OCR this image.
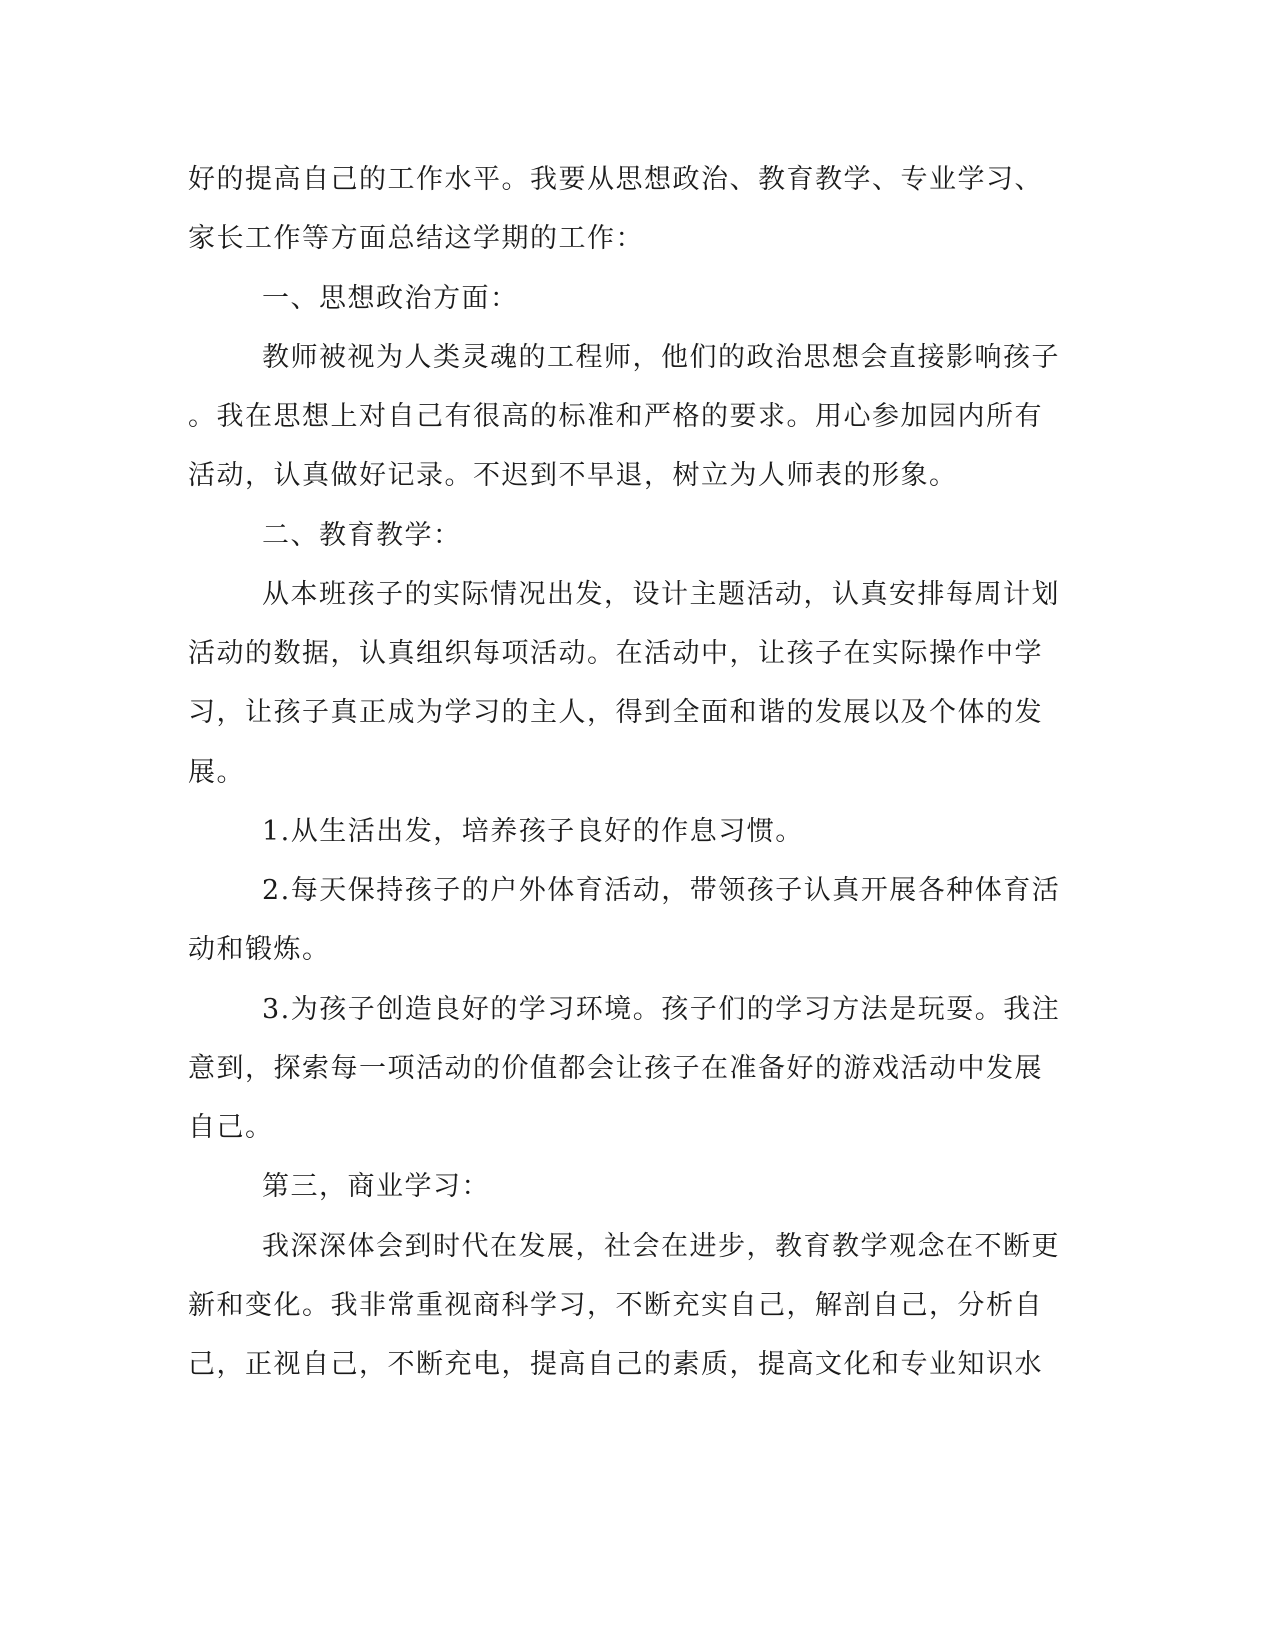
好的提高自己的工作水平。我要从思想政治、教育教学、专业学习、
家长工作等方面总结这学期的工作：
一、思想政治方面：
教师被视为人类灵魂的工程师，他们的政治思想会直接影响孩子
。我在思想上对自己有很高的标准和严格的要求。用心参加园内所有
活动，认真做好记录。不迟到不早退，树立为人师表的形象。
二、教育教学：
从本班孩子的实际情况出发，设计主题活动，认真安排每周计划
活动的数据，认真组织每项活动。在活动中，让孩子在实际操作中学
习，让孩子真正成为学习的主人，得到全面和谐的发展以及个体的发
展。
1.从生活出发，培养孩子良好的作息习惯。
2.每天保持孩子的户外体育活动，带领孩子认真开展各种体育活
动和锻炼。
3.为孩子创造良好的学习环境。孩子们的学习方法是玩耍。我注
意到，探索每一项活动的价值都会让孩子在准备好的游戏活动中发展
自己。
第三，商业学习：
我深深体会到时代在发展，社会在进步，教育教学观念在不断更
新和变化。我非常重视商科学习，不断充实自己，解剖自己，分析自
己，正视自己，不断充电，提高自己的素质，提高文化和专业知识水
